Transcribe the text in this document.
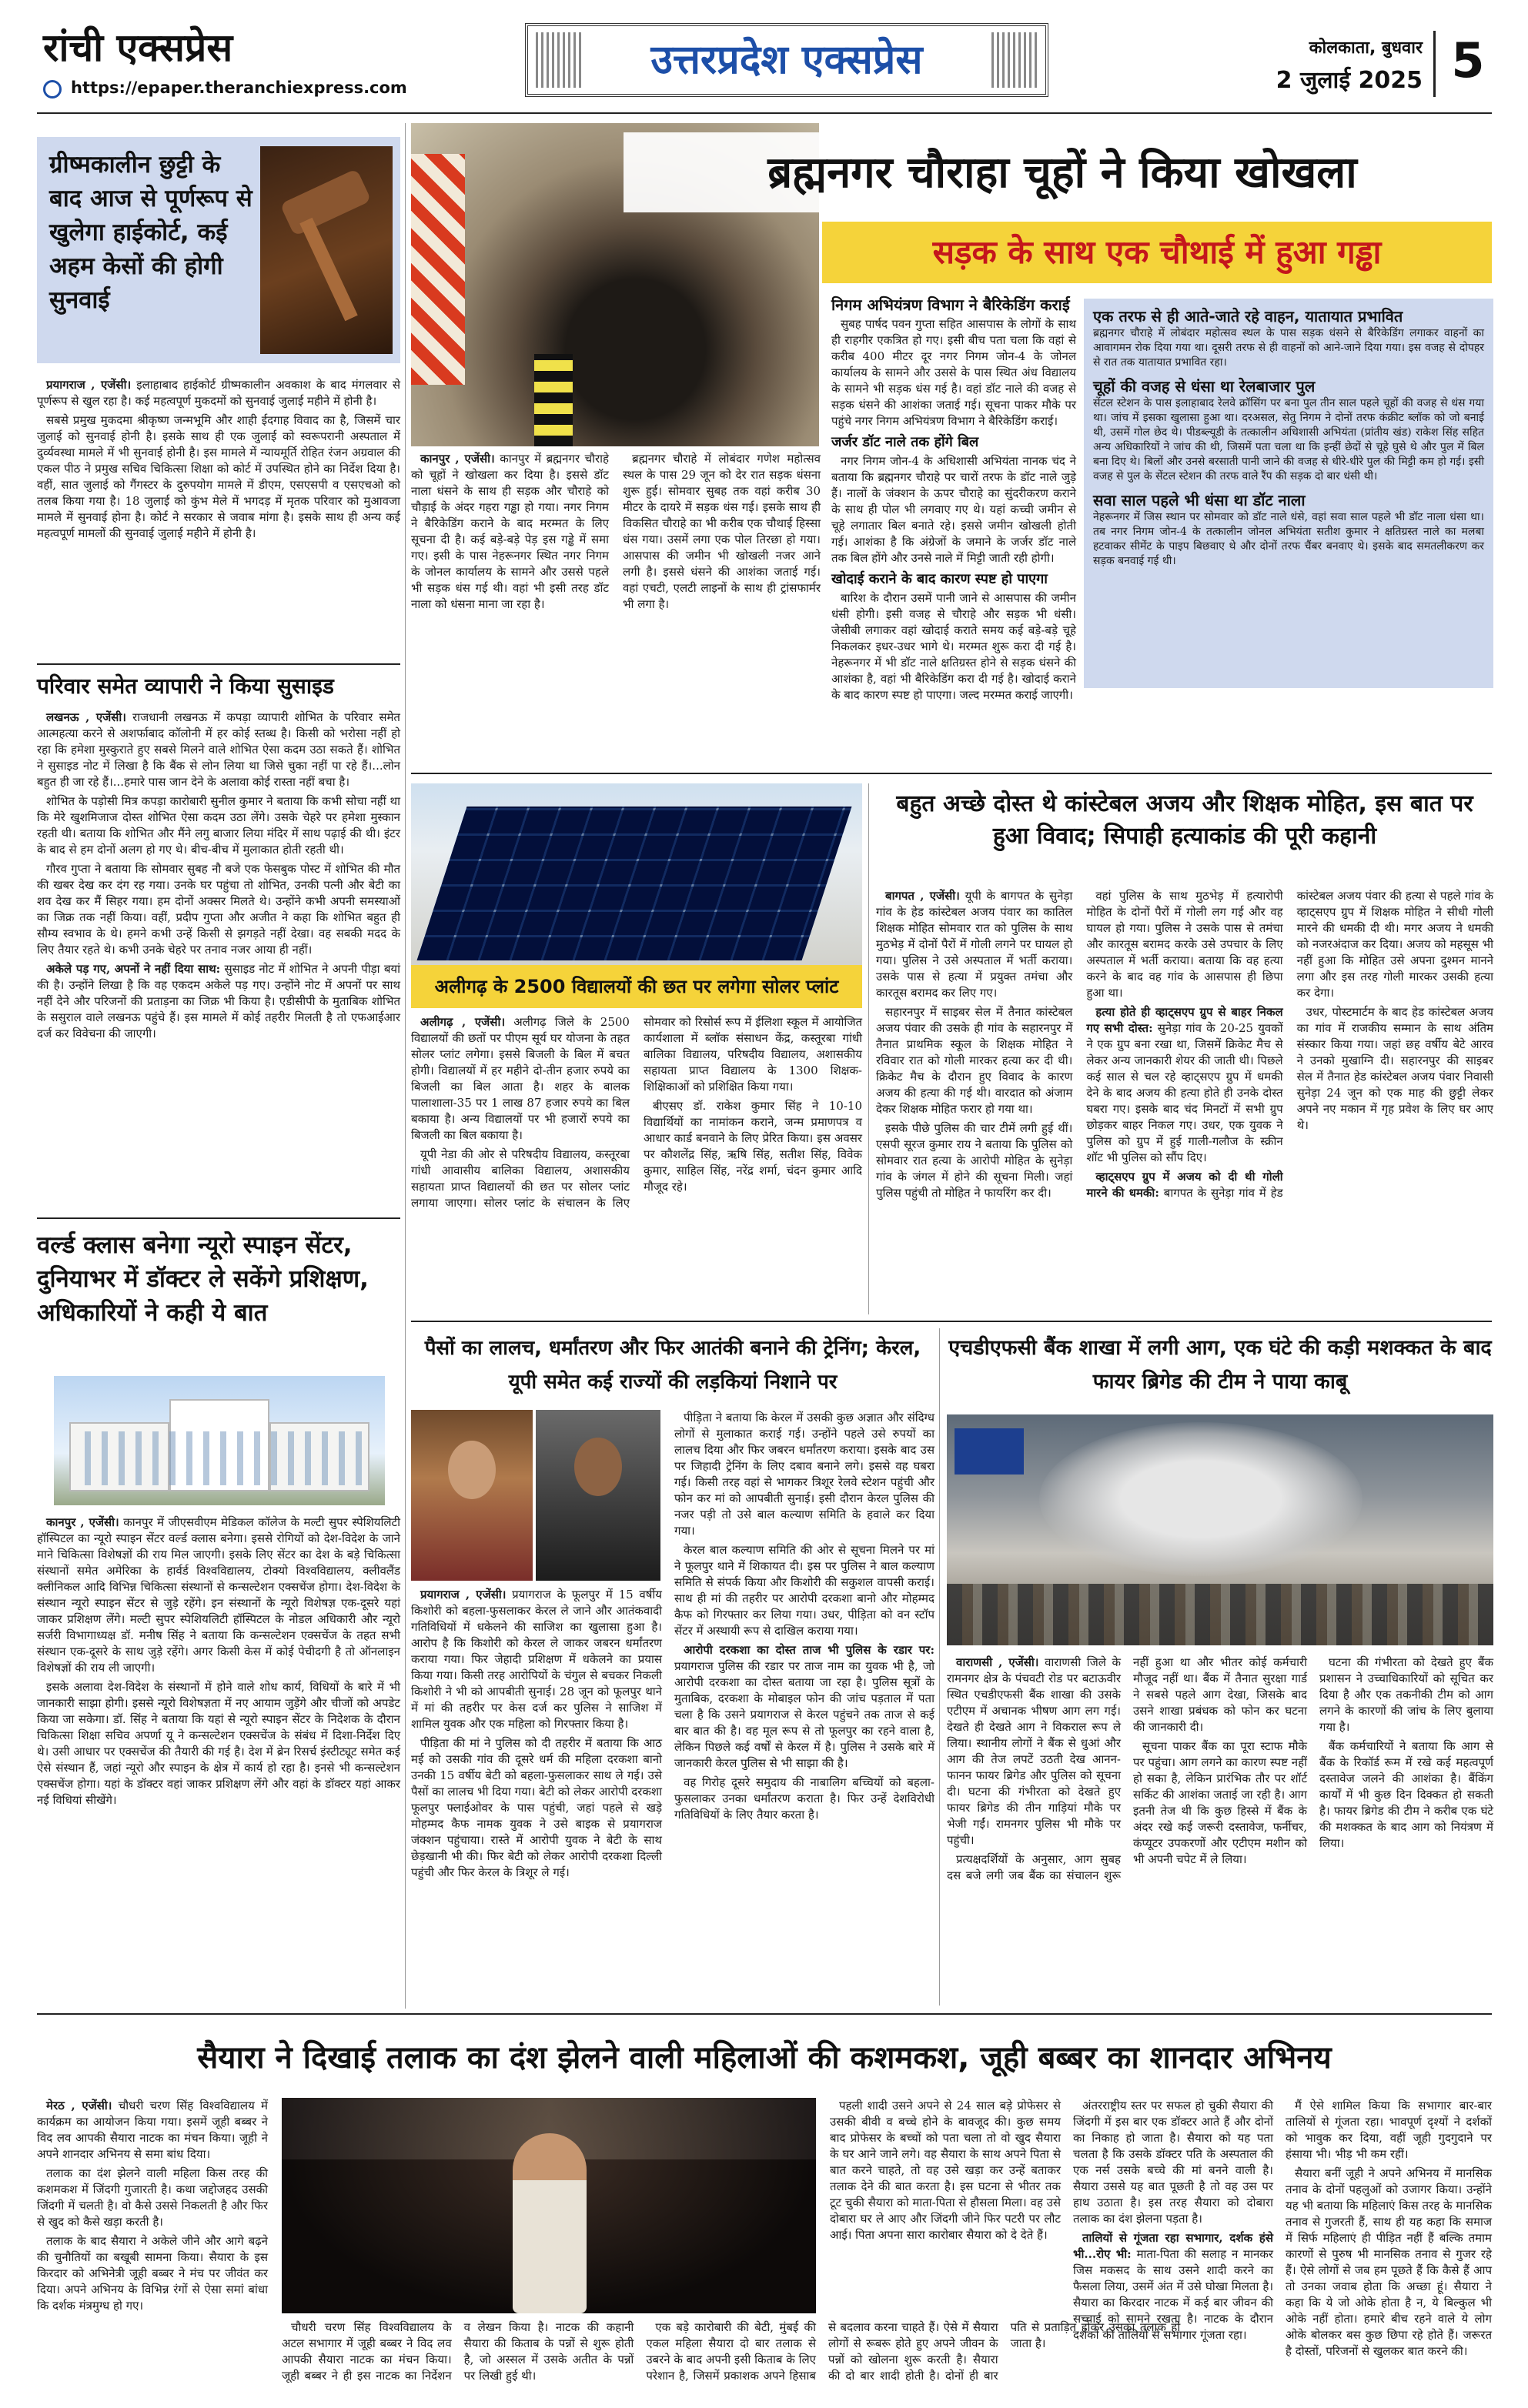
रांची एक्सप्रेस
https://epaper.theranchiexpress.com
उत्तरप्रदेश एक्सप्रेस	कोलकाता, बुधवार
2 जुलाई 2025 5
ग्रीष्मकालीन छुट्टी के बाद आज से पूर्णरूप से खुलेगा हाईकोर्ट, कई अहम केसों की होगी सुनवाई

प्रयागराज , एजेंसी। इलाहाबाद हाईकोर्ट ग्रीष्मकालीन अवकाश के बाद मंगलवार से पूर्णरूप से खुल रहा है। कई महत्वपूर्ण मुकदमों को सुनवाई जुलाई महीने में होनी है।

सबसे प्रमुख मुकदमा श्रीकृष्ण जन्मभूमि और शाही ईदगाह विवाद का है, जिसमें चार जुलाई को सुनवाई होनी है। इसके साथ ही एक जुलाई को स्वरूपरानी अस्पताल में दुर्व्यवस्था मामले में भी सुनवाई होनी है। इस मामले में न्यायमूर्ति रोहित रंजन अग्रवाल की एकल पीठ ने प्रमुख सचिव चिकित्सा शिक्षा को कोर्ट में उपस्थित होने का निर्देश दिया है। वहीं, सात जुलाई को गैंगस्टर के दुरुपयोग मामले में डीएम, एसएसपी व एसएचओ को तलब किया गया है। 18 जुलाई को कुंभ मेले में भगदड़ में मृतक परिवार को मुआवजा मामले में सुनवाई होना है। कोर्ट ने सरकार से जवाब मांगा है। इसके साथ ही अन्य कई महत्वपूर्ण मामलों की सुनवाई जुलाई महीने में होनी है।

परिवार समेत व्यापारी ने किया सुसाइड

लखनऊ , एजेंसी। राजधानी लखनऊ में कपड़ा व्यापारी शोभित के परिवार समेत आत्महत्या करने से अशर्फाबाद कॉलोनी में हर कोई स्तब्ध है। किसी को भरोसा नहीं हो रहा कि हमेशा मुस्कुराते हुए सबसे मिलने वाले शोभित ऐसा कदम उठा सकते हैं। शोभित ने सुसाइड नोट में लिखा है कि बैंक से लोन लिया था जिसे चुका नहीं पा रहे हैं।...लोन बहुत ही जा रहे हैं।...हमारे पास जान देने के अलावा कोई रास्ता नहीं बचा है।

शोभित के पड़ोसी मित्र कपड़ा कारोबारी सुनील कुमार ने बताया कि कभी सोचा नहीं था कि मेरे खुशमिजाज दोस्त शोभित ऐसा कदम उठा लेंगे। उसके चेहरे पर हमेशा मुस्कान रहती थी। बताया कि शोभित और मैंने लगु बाजार लिया मंदिर में साथ पढ़ाई की थी। इंटर के बाद से हम दोनों अलग हो गए थे। बीच-बीच में मुलाकात होती रहती थी।

गौरव गुप्ता ने बताया कि सोमवार सुबह नौ बजे एक फेसबुक पोस्ट में शोभित की मौत की खबर देख कर दंग रह गया। उनके घर पहुंचा तो शोभित, उनकी पत्नी और बेटी का शव देख कर मैं सिहर गया। हम दोनों अक्सर मिलते थे। उन्होंने कभी अपनी समस्याओं का जिक्र तक नहीं किया। वहीं, प्रदीप गुप्ता और अजीत ने कहा कि शोभित बहुत ही सौम्य स्वभाव के थे। हमने कभी उन्हें किसी से झगड़ते नहीं देखा। वह सबकी मदद के लिए तैयार रहते थे। कभी उनके चेहरे पर तनाव नजर आया ही नहीं।

अकेले पड़ गए, अपनों ने नहीं दिया साथ: सुसाइड नोट में शोभित ने अपनी पीड़ा बयां की है। उन्होंने लिखा है कि वह एकदम अकेले पड़ गए। उन्होंने नोट में अपनों पर साथ नहीं देने और परिजनों की प्रताड़ना का जिक्र भी किया है। एडीसीपी के मुताबिक शोभित के ससुराल वाले लखनऊ पहुंचे हैं। इस मामले में कोई तहरीर मिलती है तो एफआईआर दर्ज कर विवेचना की जाएगी।

वर्ल्ड क्लास बनेगा न्यूरो स्पाइन सेंटर, दुनियाभर में डॉक्टर ले सकेंगे प्रशिक्षण, अधिकारियों ने कही ये बात

कानपुर , एजेंसी। कानपुर में जीएसवीएम मेडिकल कॉलेज के मल्टी सुपर स्पेशियलिटी हॉस्पिटल का न्यूरो स्पाइन सेंटर वर्ल्ड क्लास बनेगा। इससे रोगियों को देश-विदेश के जाने माने चिकित्सा विशेषज्ञों की राय मिल जाएगी। इसके लिए सेंटर का देश के बड़े चिकित्सा संस्थानों समेत अमेरिका के हार्वर्ड विश्वविद्यालय, टोक्यो विश्वविद्यालय, क्लीवलैंड क्लीनिकल आदि विभिन्न चिकित्सा संस्थानों से कन्सल्टेशन एक्सचेंज होगा। देश-विदेश के संस्थान न्यूरो स्पाइन सेंटर से जुड़े रहेंगे। इन संस्थानों के न्यूरो विशेषज्ञ एक-दूसरे यहां जाकर प्रशिक्षण लेंगे। मल्टी सुपर स्पेशियलिटी हॉस्पिटल के नोडल अधिकारी और न्यूरो सर्जरी विभागाध्यक्ष डॉ. मनीष सिंह ने बताया कि कन्सल्टेशन एक्सचेंज के तहत सभी संस्थान एक-दूसरे के साथ जुड़े रहेंगे। अगर किसी केस में कोई पेचीदगी है तो ऑनलाइन विशेषज्ञों की राय ली जाएगी।

इसके अलावा देश-विदेश के संस्थानों में होने वाले शोध कार्य, विधियों के बारे में भी जानकारी साझा होगी। इससे न्यूरो विशेषज्ञता में नए आयाम जुड़ेंगे और चीजों को अपडेट किया जा सकेगा। डॉ. सिंह ने बताया कि यहां से न्यूरो स्पाइन सेंटर के निदेशक के दौरान चिकित्सा शिक्षा सचिव अपर्णा यू ने कन्सल्टेशन एक्सचेंज के संबंध में दिशा-निर्देश दिए थे। उसी आधार पर एक्सचेंज की तैयारी की गई है। देश में ब्रेन रिसर्च इंस्टीट्यूट समेत कई ऐसे संस्थान हैं, जहां न्यूरो और स्पाइन के क्षेत्र में कार्य हो रहा है। इनसे भी कन्सल्टेशन एक्सचेंज होगा। यहां के डॉक्टर वहां जाकर प्रशिक्षण लेंगे और वहां के डॉक्टर यहां आकर नई विधियां सीखेंगे।

ब्रह्मनगर चौराहा चूहों ने किया खोखला
सड़क के साथ एक चौथाई में हुआ गड्ढा

कानपुर , एजेंसी। कानपुर में ब्रह्मनगर चौराहे को चूहों ने खोखला कर दिया है। इससे डॉट नाला धंसने के साथ ही सड़क और चौराहे को चौड़ाई के अंदर गहरा गड्ढा हो गया। नगर निगम ने बैरिकेडिंग कराने के बाद मरम्मत के लिए सूचना दी है। कई बड़े-बड़े पेड़ इस गड्ढे में समा गए। इसी के पास नेहरूनगर स्थित नगर निगम के जोनल कार्यालय के सामने और उससे पहले भी सड़क धंस गई थी। वहां भी इसी तरह डॉट नाला को धंसना माना जा रहा है।

ब्रह्मनगर चौराहे में लोबंदार गणेश महोत्सव स्थल के पास 29 जून को देर रात सड़क धंसना शुरू हुई। सोमवार सुबह तक वहां करीब 30 मीटर के दायरे में सड़क धंस गई। इसके साथ ही विकसित चौराहे का भी करीब एक चौथाई हिस्सा धंस गया। उसमें लगा एक पोल तिरछा हो गया। आसपास की जमीन भी खोखली नजर आने लगी है। इससे धंसने की आशंका जताई गई। वहां एचटी, एलटी लाइनों के साथ ही ट्रांसफार्मर भी लगा है।

निगम अभियंत्रण विभाग ने बैरिकेडिंग कराई

सुबह पार्षद पवन गुप्ता सहित आसपास के लोगों के साथ ही राहगीर एकत्रित हो गए। इसी बीच पता चला कि वहां से करीब 400 मीटर दूर नगर निगम जोन-4 के जोनल कार्यालय के सामने और उससे के पास स्थित अंध विद्यालय के सामने भी सड़क धंस गई है। वहां डॉट नाले की वजह से सड़क धंसने की आशंका जताई गई। सूचना पाकर मौके पर पहुंचे नगर निगम अभियंत्रण विभाग ने बैरिकेडिंग कराई।

जर्जर डॉट नाले तक होंगे बिल

नगर निगम जोन-4 के अधिशासी अभियंता नानक चंद ने बताया कि ब्रह्मनगर चौराहे पर चारों तरफ के डॉट नाले जुड़े हैं। नालों के जंक्शन के ऊपर चौराहे का सुंदरीकरण कराने के साथ ही पोल भी लगवाए गए थे। यहां कच्ची जमीन से चूहे लगातार बिल बनाते रहे। इससे जमीन खोखली होती गई। आशंका है कि अंग्रेजों के जमाने के जर्जर डॉट नाले तक बिल होंगे और उनसे नाले में मिट्टी जाती रही होगी।

खोदाई कराने के बाद कारण स्पष्ट हो पाएगा

बारिश के दौरान उसमें पानी जाने से आसपास की जमीन धंसी होगी। इसी वजह से चौराहे और सड़क भी धंसी। जेसीबी लगाकर वहां खोदाई कराते समय कई बड़े-बड़े चूहे निकलकर इधर-उधर भागे थे। मरम्मत शुरू करा दी गई है। नेहरूनगर में भी डॉट नाले क्षतिग्रस्त होने से सड़क धंसने की आशंका है, वहां भी बैरिकेडिंग करा दी गई है। खोदाई कराने के बाद कारण स्पष्ट हो पाएगा। जल्द मरम्मत कराई जाएगी।

एक तरफ से ही आते-जाते रहे वाहन, यातायात प्रभावित
ब्रह्मनगर चौराहे में लोबंदार महोत्सव स्थल के पास सड़क धंसने से बैरिकेडिंग लगाकर वाहनों का आवागमन रोक दिया गया था। दूसरी तरफ से ही वाहनों को आने-जाने दिया गया। इस वजह से दोपहर से रात तक यातायात प्रभावित रहा।
चूहों की वजह से धंसा था रेलबाजार पुल
सेंटल स्टेशन के पास इलाहाबाद रेलवे क्रॉसिंग पर बना पुल तीन साल पहले चूहों की वजह से धंस गया था। जांच में इसका खुलासा हुआ था। दरअसल, सेतु निगम ने दोनों तरफ कंक्रीट ब्लॉक को जो बनाई थी, उसमें गोल छेद थे। पीडब्ल्यूडी के तत्कालीन अधिशासी अभियंता (प्रांतीय खंड) राकेश सिंह सहित अन्य अधिकारियों ने जांच की थी, जिसमें पता चला था कि इन्हीं छेदों से चूहे घुसे थे और पुल में बिल बना दिए थे। बिलों और उनसे बरसाती पानी जाने की वजह से धीरे-धीरे पुल की मिट्टी कम हो गई। इसी वजह से पुल के सेंटल स्टेशन की तरफ वाले रैंप की सड़क दो बार धंसी थी।
सवा साल पहले भी धंसा था डॉट नाला
नेहरूनगर में जिस स्थान पर सोमवार को डॉट नाले धंसे, वहां सवा साल पहले भी डॉट नाला धंसा था। तब नगर निगम जोन-4 के तत्कालीन जोनल अभियंता सतीश कुमार ने क्षतिग्रस्त नाले का मलबा हटवाकर सीमेंट के पाइप बिछवाए थे और दोनों तरफ चैंबर बनवाए थे। इसके बाद समतलीकरण कर सड़क बनवाई गई थी।
अलीगढ़ के 2500 विद्यालयों की छत पर लगेगा सोलर प्लांट

अलीगढ़ , एजेंसी। अलीगढ़ जिले के 2500 विद्यालयों की छतों पर पीएम सूर्य घर योजना के तहत सोलर प्लांट लगेगा। इससे बिजली के बिल में बचत होगी। विद्यालयों में हर महीने दो-तीन हजार रुपये का बिजली का बिल आता है। शहर के बालक पालाशाला-35 पर 1 लाख 87 हजार रुपये का बिल बकाया है। अन्य विद्यालयों पर भी हजारों रुपये का बिजली का बिल बकाया है।

यूपी नेडा की ओर से परिषदीय विद्यालय, कस्तूरबा गांधी आवासीय बालिका विद्यालय, अशासकीय सहायता प्राप्त विद्यालयों की छत पर सोलर प्लांट लगाया जाएगा। सोलर प्लांट के संचालन के लिए सोमवार को रिसोर्स रूप में ईलिशा स्कूल में आयोजित कार्यशाला में ब्लॉक संसाधन केंद्र, कस्तूरबा गांधी बालिका विद्यालय, परिषदीय विद्यालय, अशासकीय सहायता प्राप्त विद्यालय के 1300 शिक्षक-शिक्षिकाओं को प्रशिक्षित किया गया।

बीएसए डॉ. राकेश कुमार सिंह ने 10-10 विद्यार्थियों का नामांकन कराने, जन्म प्रमाणपत्र व आधार कार्ड बनवाने के लिए प्रेरित किया। इस अवसर पर कौशलेंद्र सिंह, ऋषि सिंह, सतीश सिंह, विवेक कुमार, साहिल सिंह, नरेंद्र शर्मा, चंदन कुमार आदि मौजूद रहे।

बहुत अच्छे दोस्त थे कांस्टेबल अजय और शिक्षक मोहित, इस बात पर हुआ विवाद; सिपाही हत्याकांड की पूरी कहानी

बागपत , एजेंसी। यूपी के बागपत के सुनेड़ा गांव के हेड कांस्टेबल अजय पंवार का कातिल शिक्षक मोहित सोमवार रात को पुलिस के साथ मुठभेड़ में दोनों पैरों में गोली लगने पर घायल हो गया। पुलिस ने उसे अस्पताल में भर्ती कराया। उसके पास से हत्या में प्रयुक्त तमंचा और कारतूस बरामद कर लिए गए।

सहारनपुर में साइबर सेल में तैनात कांस्टेबल अजय पंवार की उसके ही गांव के सहारनपुर में तैनात प्राथमिक स्कूल के शिक्षक मोहित ने रविवार रात को गोली मारकर हत्या कर दी थी। क्रिकेट मैच के दौरान हुए विवाद के कारण अजय की हत्या की गई थी। वारदात को अंजाम देकर शिक्षक मोहित फरार हो गया था।

इसके पीछे पुलिस की चार टीमें लगी हुई थीं। एसपी सूरज कुमार राय ने बताया कि पुलिस को सोमवार रात हत्या के आरोपी मोहित के सुनेड़ा गांव के जंगल में होने की सूचना मिली। जहां पुलिस पहुंची तो मोहित ने फायरिंग कर दी।

वहां पुलिस के साथ मुठभेड़ में हत्यारोपी मोहित के दोनों पैरों में गोली लग गई और वह घायल हो गया। पुलिस ने उसके पास से तमंचा और कारतूस बरामद करके उसे उपचार के लिए अस्पताल में भर्ती कराया। बताया कि वह हत्या करने के बाद वह गांव के आसपास ही छिपा हुआ था।

हत्या होते ही व्हाट्सएप ग्रुप से बाहर निकल गए सभी दोस्त: सुनेड़ा गांव के 20-25 युवकों ने एक ग्रुप बना रखा था, जिसमें क्रिकेट मैच से लेकर अन्य जानकारी शेयर की जाती थी। पिछले कई साल से चल रहे व्हाट्सएप ग्रुप में धमकी देने के बाद अजय की हत्या होते ही उनके दोस्त घबरा गए। इसके बाद चंद मिनटों में सभी ग्रुप छोड़कर बाहर निकल गए। उधर, एक युवक ने पुलिस को ग्रुप में हुई गाली-गलौज के स्क्रीन शॉट भी पुलिस को सौंप दिए।

व्हाट्सएप ग्रुप में अजय को दी थी गोली मारने की धमकी: बागपत के सुनेड़ा गांव में हेड कांस्टेबल अजय पंवार की हत्या से पहले गांव के व्हाट्सएप ग्रुप में शिक्षक मोहित ने सीधी गोली मारने की धमकी दी थी। मगर अजय ने धमकी को नजरअंदाज कर दिया। अजय को महसूस भी नहीं हुआ कि मोहित उसे अपना दुश्मन मानने लगा और इस तरह गोली मारकर उसकी हत्या कर देगा।

उधर, पोस्टमार्टम के बाद हेड कांस्टेबल अजय का गांव में राजकीय सम्मान के साथ अंतिम संस्कार किया गया। जहां छह वर्षीय बेटे आरव ने उनको मुखाग्नि दी। सहारनपुर की साइबर सेल में तैनात हेड कांस्टेबल अजय पंवार निवासी सुनेड़ा 24 जून को एक माह की छुट्टी लेकर अपने नए मकान में गृह प्रवेश के लिए घर आए थे।

पैसों का लालच, धर्मांतरण और फिर आतंकी बनाने की ट्रेनिंग; केरल, यूपी समेत कई राज्यों की लड़कियां निशाने पर

प्रयागराज , एजेंसी। प्रयागराज के फूलपुर में 15 वर्षीय किशोरी को बहला-फुसलाकर केरल ले जाने और आतंकवादी गतिविधियों में धकेलने की साजिश का खुलासा हुआ है। आरोप है कि किशोरी को केरल ले जाकर जबरन धर्मांतरण कराया गया। फिर जेहादी प्रशिक्षण में धकेलने का प्रयास किया गया। किसी तरह आरोपियों के चंगुल से बचकर निकली किशोरी ने भी को आपबीती सुनाई। 28 जून को फूलपुर थाने में मां की तहरीर पर केस दर्ज कर पुलिस ने साजिश में शामिल युवक और एक महिला को गिरफ्तार किया है।

पीड़िता की मां ने पुलिस को दी तहरीर में बताया कि आठ मई को उसकी गांव की दूसरे धर्म की महिला दरकशा बानो उनकी 15 वर्षीय बेटी को बहला-फुसलाकर साथ ले गई। उसे पैसों का लालच भी दिया गया। बेटी को लेकर आरोपी दरकशा फूलपुर फ्लाईओवर के पास पहुंची, जहां पहले से खड़े मोहम्मद कैफ नामक युवक ने उसे बाइक से प्रयागराज जंक्शन पहुंचाया। रास्ते में आरोपी युवक ने बेटी के साथ छेड़खानी भी की। फिर बेटी को लेकर आरोपी दरकशा दिल्ली पहुंची और फिर केरल के त्रिशूर ले गई।

पीड़िता ने बताया कि केरल में उसकी कुछ अज्ञात और संदिग्ध लोगों से मुलाकात कराई गई। उन्होंने पहले उसे रुपयों का लालच दिया और फिर जबरन धर्मांतरण कराया। इसके बाद उस पर जिहादी ट्रेनिंग के लिए दबाव बनाने लगे। इससे वह घबरा गई। किसी तरह वहां से भागकर त्रिशूर रेलवे स्टेशन पहुंची और फोन कर मां को आपबीती सुनाई। इसी दौरान केरल पुलिस की नजर पड़ी तो उसे बाल कल्याण समिति के हवाले कर दिया गया।

केरल बाल कल्याण समिति की ओर से सूचना मिलने पर मां ने फूलपुर थाने में शिकायत दी। इस पर पुलिस ने बाल कल्याण समिति से संपर्क किया और किशोरी की सकुशल वापसी कराई। साथ ही मां की तहरीर पर आरोपी दरकशा बानो और मोहम्मद कैफ को गिरफ्तार कर लिया गया। उधर, पीड़िता को वन स्टॉप सेंटर में अस्थायी रूप से दाखिल कराया गया।

आरोपी दरकशा का दोस्त ताज भी पुलिस के रडार पर: प्रयागराज पुलिस की रडार पर ताज नाम का युवक भी है, जो आरोपी दरकशा का दोस्त बताया जा रहा है। पुलिस सूत्रों के मुताबिक, दरकशा के मोबाइल फोन की जांच पड़ताल में पता चला है कि उसने प्रयागराज से केरल पहुंचने तक ताज से कई बार बात की है। वह मूल रूप से तो फूलपुर का रहने वाला है, लेकिन पिछले कई वर्षों से केरल में है। पुलिस ने उसके बारे में जानकारी केरल पुलिस से भी साझा की है।

वह गिरोह दूसरे समुदाय की नाबालिग बच्चियों को बहला-फुसलाकर उनका धर्मांतरण कराता है। फिर उन्हें देशविरोधी गतिविधियों के लिए तैयार करता है।

एचडीएफसी बैंक शाखा में लगी आग, एक घंटे की कड़ी मशक्कत के बाद फायर ब्रिगेड की टीम ने पाया काबू

वाराणसी , एजेंसी। वाराणसी जिले के रामनगर क्षेत्र के पंचवटी रोड पर बटाऊवीर स्थित एचडीएफसी बैंक शाखा की उसके एटीएम में अचानक भीषण आग लग गई। देखते ही देखते आग ने विकराल रूप ले लिया। स्थानीय लोगों ने बैंक से धुआं और आग की तेज लपटें उठती देख आनन-फानन फायर ब्रिगेड और पुलिस को सूचना दी। घटना की गंभीरता को देखते हुए फायर ब्रिगेड की तीन गाड़ियां मौके पर भेजी गईं। रामनगर पुलिस भी मौके पर पहुंची।

प्रत्यक्षदर्शियों के अनुसार, आग सुबह दस बजे लगी जब बैंक का संचालन शुरू नहीं हुआ था और भीतर कोई कर्मचारी मौजूद नहीं था। बैंक में तैनात सुरक्षा गार्ड ने सबसे पहले आग देखा, जिसके बाद उसने शाखा प्रबंधक को फोन कर घटना की जानकारी दी।

सूचना पाकर बैंक का पूरा स्टाफ मौके पर पहुंचा। आग लगने का कारण स्पष्ट नहीं हो सका है, लेकिन प्रारंभिक तौर पर शॉर्ट सर्किट की आशंका जताई जा रही है। आग इतनी तेज थी कि कुछ हिस्से में बैंक के अंदर रखे कई जरूरी दस्तावेज, फर्नीचर, कंप्यूटर उपकरणों और एटीएम मशीन को भी अपनी चपेट में ले लिया।

घटना की गंभीरता को देखते हुए बैंक प्रशासन ने उच्चाधिकारियों को सूचित कर दिया है और एक तकनीकी टीम को आग लगने के कारणों की जांच के लिए बुलाया गया है।

बैंक कर्मचारियों ने बताया कि आग से बैंक के रिकॉर्ड रूम में रखे कई महत्वपूर्ण दस्तावेज जलने की आशंका है। बैंकिंग कार्यों में भी कुछ दिन दिक्कत हो सकती है। फायर ब्रिगेड की टीम ने करीब एक घंटे की मशक्कत के बाद आग को नियंत्रण में लिया।

सैयारा ने दिखाई तलाक का दंश झेलने वाली महिलाओं की कशमकश, जूही बब्बर का शानदार अभिनय

मेरठ , एजेंसी। चौधरी चरण सिंह विश्वविद्यालय में कार्यक्रम का आयोजन किया गया। इसमें जूही बब्बर ने विद लव आपकी सैयारा नाटक का मंचन किया। जूही ने अपने शानदार अभिनय से समा बांध दिया।

तलाक का दंश झेलने वाली महिला किस तरह की कशमकश में जिंदगी गुजारती है। कथा जद्दोजहद उसकी जिंदगी में चलती है। वो कैसे उससे निकलती है और फिर से खुद को कैसे खड़ा करती है।

तलाक के बाद सैयारा ने अकेले जीने और आगे बढ़ने की चुनौतियों का बखूबी सामना किया। सैयारा के इस किरदार को अभिनेत्री जूही बब्बर ने मंच पर जीवंत कर दिया। अपने अभिनय के विभिन्न रंगों से ऐसा समां बांधा कि दर्शक मंत्रमुग्ध हो गए।

चौधरी चरण सिंह विश्वविद्यालय के अटल सभागार में जूही बब्बर ने विद लव आपकी सैयारा नाटक का मंचन किया। जूही बब्बर ने ही इस नाटक का निर्देशन व लेखन किया है। नाटक की कहानी सैयारा की किताब के पन्नों से शुरू होती है, जो अस्सल में उसके अतीत के पन्नों पर लिखी हुई थी।

एक बड़े कारोबारी की बेटी, मुंबई की एकल महिला सैयारा दो बार तलाक से उबरने के बाद अपनी इसी किताब के लिए परेशान है, जिसमें प्रकाशक अपने हिसाब से बदलाव करना चाहते हैं। ऐसे में सैयारा लोगों से रूबरू होते हुए अपने जीवन के पन्नों को खोलना शुरू करती है। सैयारा की दो बार शादी होती है। दोनों ही बार पति से प्रताड़ित होकर उसका तलाक हो जाता है।

पहली शादी उसने अपने से 24 साल बड़े प्रोफेसर से उसकी बीवी व बच्चे होने के बावजूद की। कुछ समय बाद प्रोफेसर के बच्चों को पता चला तो वो खुद सैयारा के घर आने जाने लगे। वह सैयारा के साथ अपने पिता से बात करने चाहते, तो वह उसे खड़ा कर उन्हें बताकर तलाक देने की बात करता है। इस घटना से भीतर तक टूट चुकी सैयारा को माता-पिता से हौसला मिला। वह उसे दोबारा घर ले आए और जिंदगी जीने फिर पटरी पर लौट आई। पिता अपना सारा कारोबार सैयारा को दे देते हैं।

अंतरराष्ट्रीय स्तर पर सफल हो चुकी सैयारा की जिंदगी में इस बार एक डॉक्टर आते हैं और दोनों का निकाह हो जाता है। सैयारा को यह पता चलता है कि उसके डॉक्टर पति के अस्पताल की एक नर्स उसके बच्चे की मां बनने वाली है। सैयारा उससे यह बात पूछती है तो वह उस पर हाथ उठाता है। इस तरह सैयारा को दोबारा तलाक का दंश झेलना पड़ता है।

तालियों से गूंजता रहा सभागार, दर्शक हंसे भी...रोए भी: माता-पिता की सलाह न मानकर जिस मकसद के साथ उसने शादी करने का फैसला लिया, उसमें अंत में उसे घोखा मिलता है। सैयारा का किरदार नाटक में कई बार जीवन की सच्चाई को सामने रखता है। नाटक के दौरान दर्शकों की तालियों से सभागार गूंजता रहा।

मैं ऐसे शामिल किया कि सभागार बार-बार तालियों से गूंजता रहा। भावपूर्ण दृश्यों ने दर्शकों को भावुक कर दिया, वहीं जूही गुदगुदाने पर हंसाया भी। भीड़ भी कम रहीं।

सैयारा बनीं जूही ने अपने अभिनय में मानसिक तनाव के दोनों पहलुओं को उजागर किया। उन्होंने यह भी बताया कि महिलाएं किस तरह के मानसिक तनाव से गुजरती हैं, साथ ही यह कहा कि समाज में सिर्फ महिलाएं ही पीड़ित नहीं हैं बल्कि तमाम कारणों से पुरुष भी मानसिक तनाव से गुजर रहे हैं। ऐसे लोगों से जब हम पूछते हैं कि कैसे हैं आप तो उनका जवाब होता कि अच्छा हूं। सैयारा ने कहा कि ये जो ओके होता है न, ये बिल्कुल भी ओके नहीं होता। हमारे बीच रहने वाले ये लोग ओके बोलकर बस कुछ छिपा रहे होते हैं। जरूरत है दोस्तों, परिजनों से खुलकर बात करने की।
